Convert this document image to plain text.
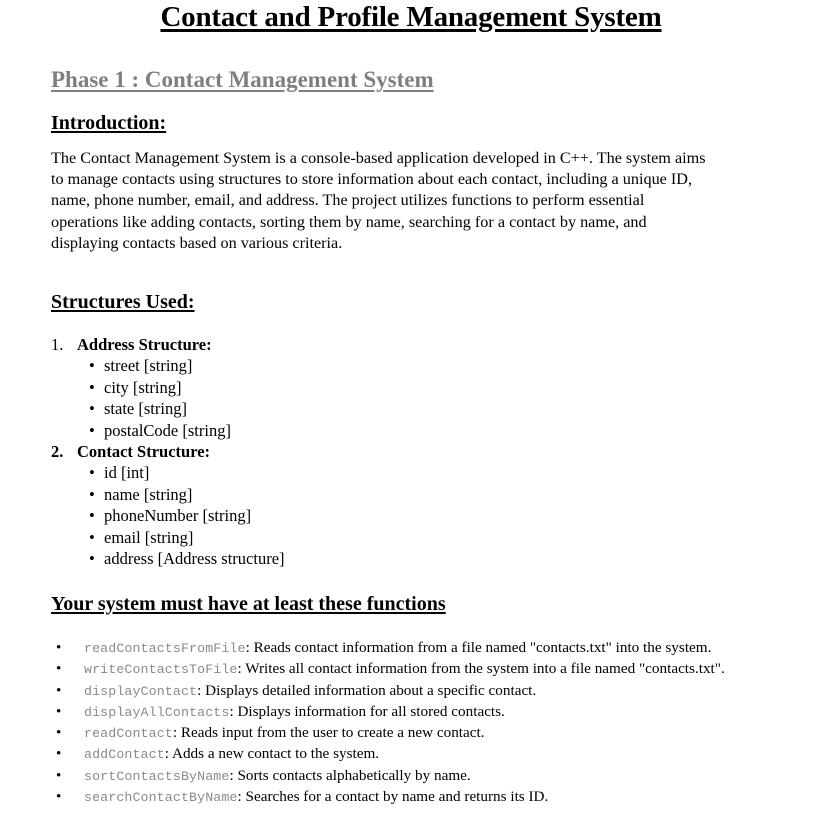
Contact and Profile Management System
Phase 1 : Contact Management System
Introduction:
The Contact Management System is a console-based application developed in C++. The system aims to manage contacts using structures to store information about each contact, including a unique ID, name, phone number, email, and address. The project utilizes functions to perform essential operations like adding contacts, sorting them by name, searching for a contact by name, and displaying contacts based on various criteria.
Structures Used:
1. Address Structure:
• street [string]
• city [string]
• state [string]
• postalCode [string]
2. Contact Structure:
• id [int]
• name [string]
• phoneNumber [string]
• email [string]
• address [Address structure]
Your system must have at least these functions
• readContactsFromFile: Reads contact information from a file named "contacts.txt" into the system.
• writeContactsToFile: Writes all contact information from the system into a file named "contacts.txt".
• displayContact: Displays detailed information about a specific contact.
• displayAllContacts: Displays information for all stored contacts.
• readContact: Reads input from the user to create a new contact.
• addContact: Adds a new contact to the system.
• sortContactsByName: Sorts contacts alphabetically by name.
• searchContactByName: Searches for a contact by name and returns its ID.
